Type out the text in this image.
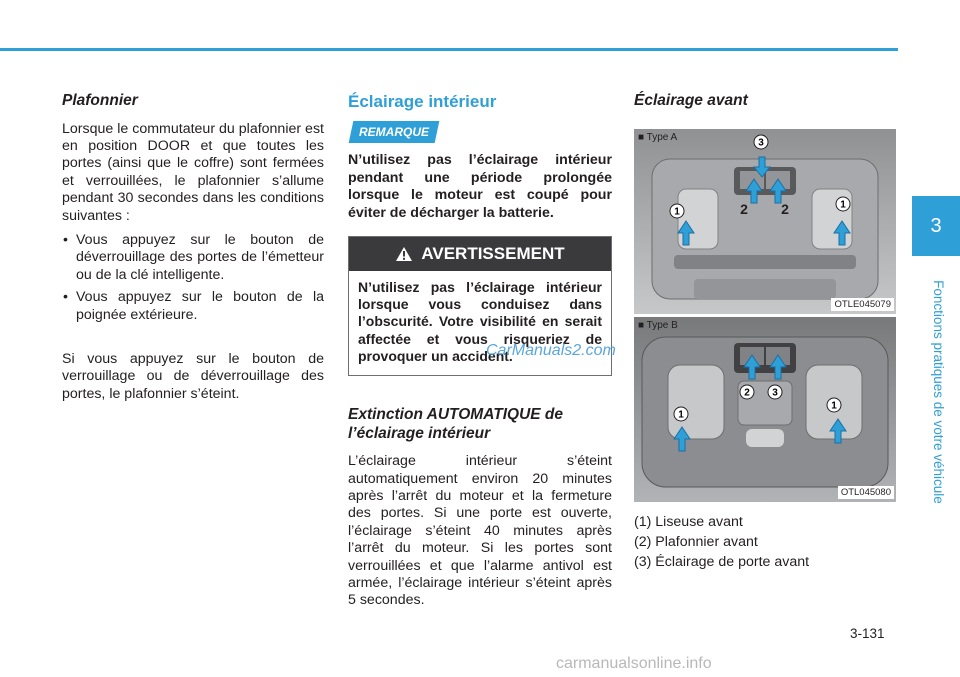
Plafonnier

Lorsque le commutateur du plafonnier est en position DOOR et que toutes les portes (ainsi que le coffre) sont fermées et verrouillées, le plafonnier s’allume pendant 30 secondes dans les conditions suivantes :

• Vous appuyez sur le bouton de déverrouillage des portes de l’émetteur ou de la clé intelligente.
• Vous appuyez sur le bouton de la poignée extérieure.

Si vous appuyez sur le bouton de verrouillage ou de déverrouillage des portes, le plafonnier s’éteint.

Éclairage intérieur
REMARQUE

N’utilisez pas l’éclairage intérieur pendant une période prolongée lorsque le moteur est coupé pour éviter de décharger la batterie.

AVERTISSEMENT

N’utilisez pas l’éclairage intérieur lorsque vous conduisez dans l’obscurité. Votre visibilité en serait affectée et vous risqueriez de provoquer un accident.

Extinction AUTOMATIQUE de l’éclairage intérieur

L’éclairage intérieur s’éteint automatiquement environ 20 minutes après l’arrêt du moteur et la fermeture des portes. Si une porte est ouverte, l’éclairage s’éteint 40 minutes après l’arrêt du moteur. Si les portes sont verrouillées et que l’alarme antivol est armée, l’éclairage intérieur s’éteint après 5 secondes.

Éclairage avant
■ Type A
1	2 2	1
3
OTLE045079
■ Type B
1
2 3
1
OTL045080

(1) Liseuse avant

(2) Plafonnier avant

(3) Éclairage de porte avant

3
Fonctions pratiques de votre véhicule
3-131
CarManuals2.com
carmanualsonline.info
